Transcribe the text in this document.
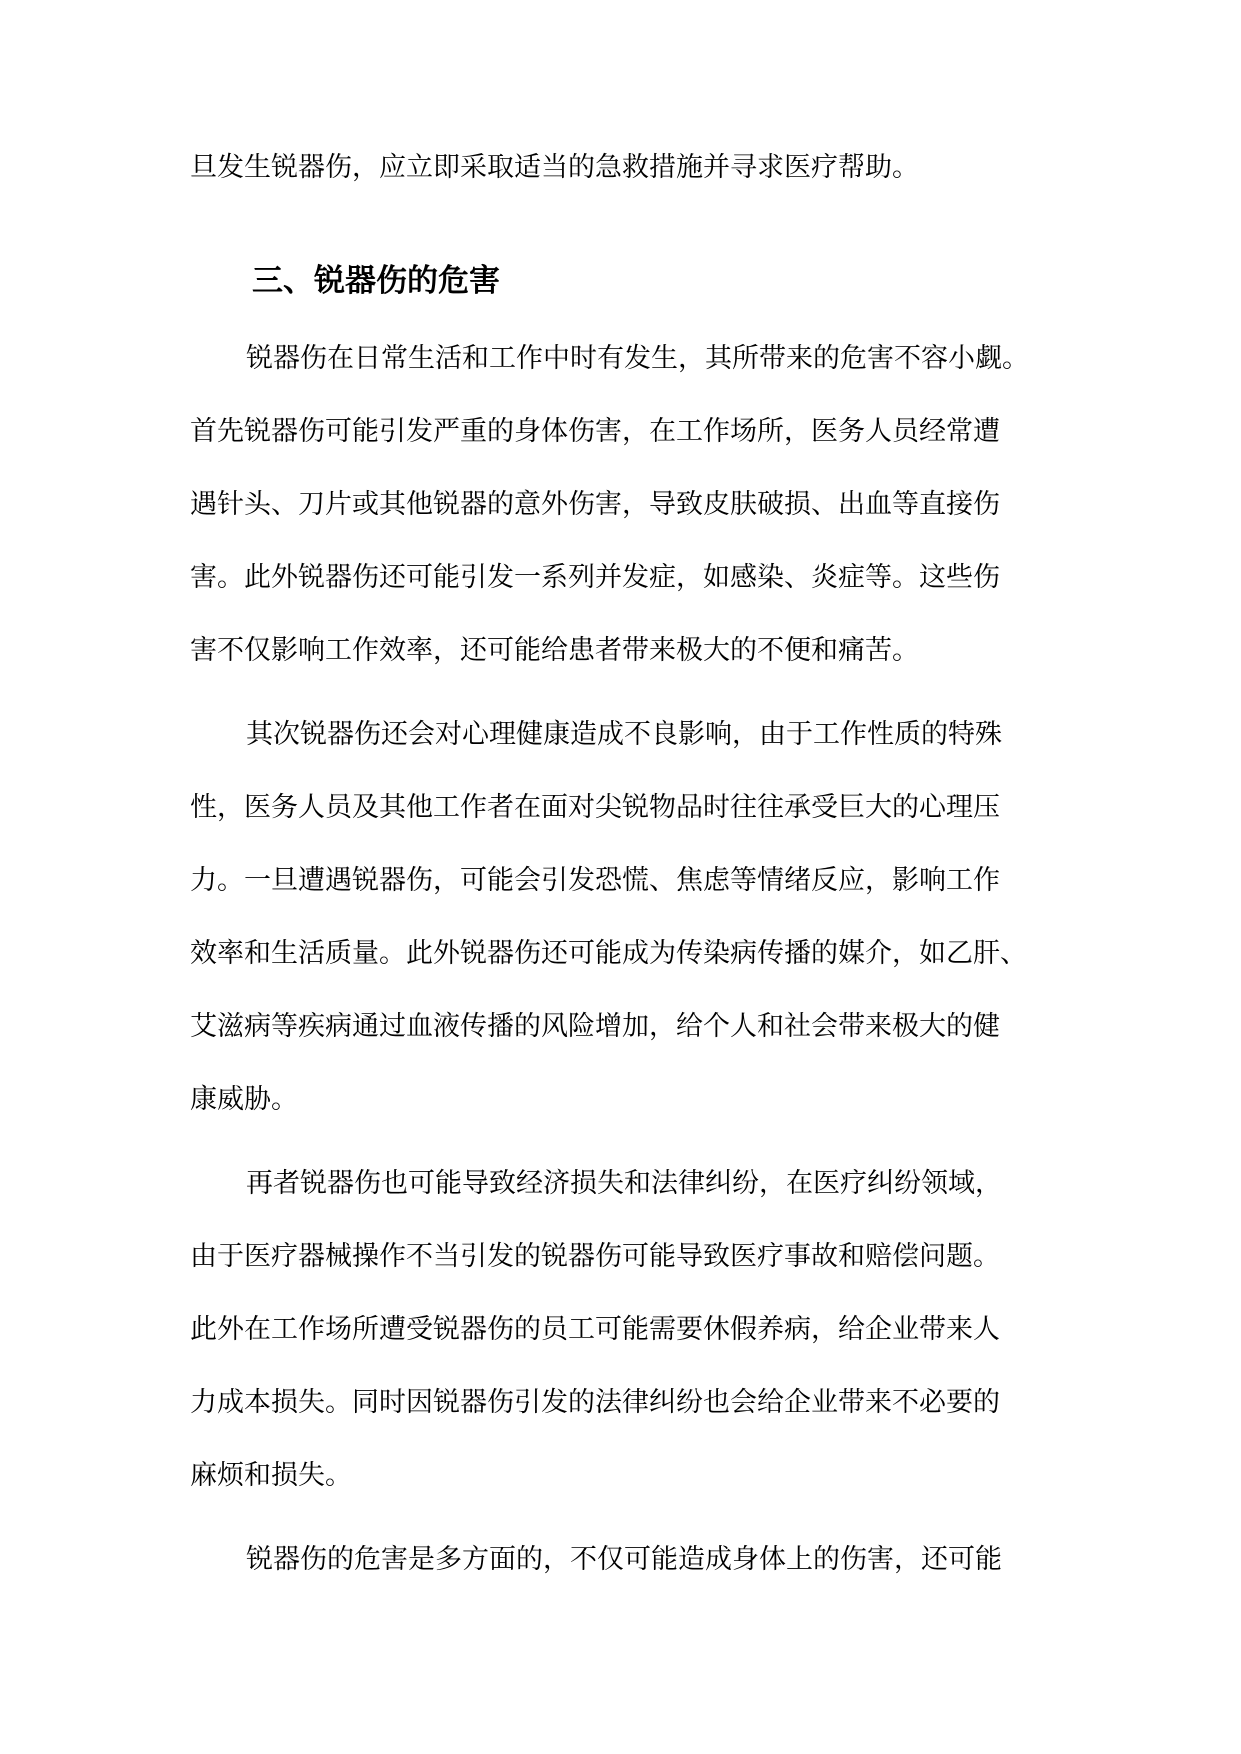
旦发生锐器伤，应立即采取适当的急救措施并寻求医疗帮助。
三、锐器伤的危害
锐器伤在日常生活和工作中时有发生，其所带来的危害不容小觑。
首先锐器伤可能引发严重的身体伤害，在工作场所，医务人员经常遭
遇针头、刀片或其他锐器的意外伤害，导致皮肤破损、出血等直接伤
害。此外锐器伤还可能引发一系列并发症，如感染、炎症等。这些伤
害不仅影响工作效率，还可能给患者带来极大的不便和痛苦。
其次锐器伤还会对心理健康造成不良影响，由于工作性质的特殊
性，医务人员及其他工作者在面对尖锐物品时往往承受巨大的心理压
力。一旦遭遇锐器伤，可能会引发恐慌、焦虑等情绪反应，影响工作
效率和生活质量。此外锐器伤还可能成为传染病传播的媒介，如乙肝、
艾滋病等疾病通过血液传播的风险增加，给个人和社会带来极大的健
康威胁。
再者锐器伤也可能导致经济损失和法律纠纷，在医疗纠纷领域，
由于医疗器械操作不当引发的锐器伤可能导致医疗事故和赔偿问题。
此外在工作场所遭受锐器伤的员工可能需要休假养病，给企业带来人
力成本损失。同时因锐器伤引发的法律纠纷也会给企业带来不必要的
麻烦和损失。
锐器伤的危害是多方面的，不仅可能造成身体上的伤害，还可能
